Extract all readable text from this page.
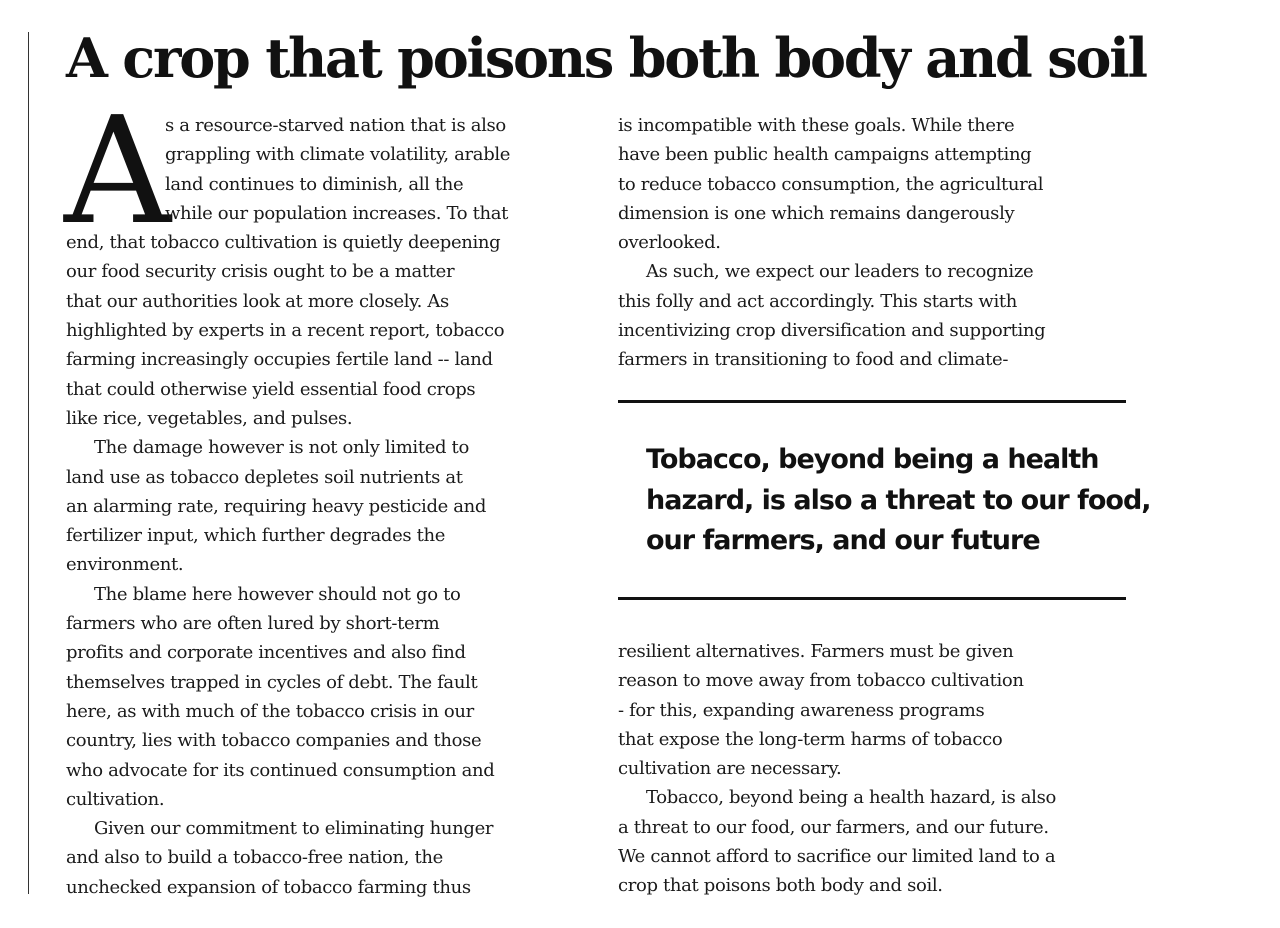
A crop that poisons both body and soil
A
s a resource-starved nation that is also
grappling with climate volatility, arable
land continues to diminish, all the
while our population increases. To that
end, that tobacco cultivation is quietly deepening
our food security crisis ought to be a matter
that our authorities look at more closely. As
highlighted by experts in a recent report, tobacco
farming increasingly occupies fertile land -- land
that could otherwise yield essential food crops
like rice, vegetables, and pulses.
The damage however is not only limited to
land use as tobacco depletes soil nutrients at
an alarming rate, requiring heavy pesticide and
fertilizer input, which further degrades the
environment.
The blame here however should not go to
farmers who are often lured by short-term
profits and corporate incentives and also find
themselves trapped in cycles of debt. The fault
here, as with much of the tobacco crisis in our
country, lies with tobacco companies and those
who advocate for its continued consumption and
cultivation.
Given our commitment to eliminating hunger
and also to build a tobacco-free nation, the
unchecked expansion of tobacco farming thus
is incompatible with these goals. While there
have been public health campaigns attempting
to reduce tobacco consumption, the agricultural
dimension is one which remains dangerously
overlooked.
As such, we expect our leaders to recognize
this folly and act accordingly. This starts with
incentivizing crop diversification and supporting
farmers in transitioning to food and climate-
Tobacco, beyond being a health
hazard, is also a threat to our food,
our farmers, and our future
resilient alternatives. Farmers must be given
reason to move away from tobacco cultivation
- for this, expanding awareness programs
that expose the long-term harms of tobacco
cultivation are necessary.
Tobacco, beyond being a health hazard, is also
a threat to our food, our farmers, and our future.
We cannot afford to sacrifice our limited land to a
crop that poisons both body and soil.
